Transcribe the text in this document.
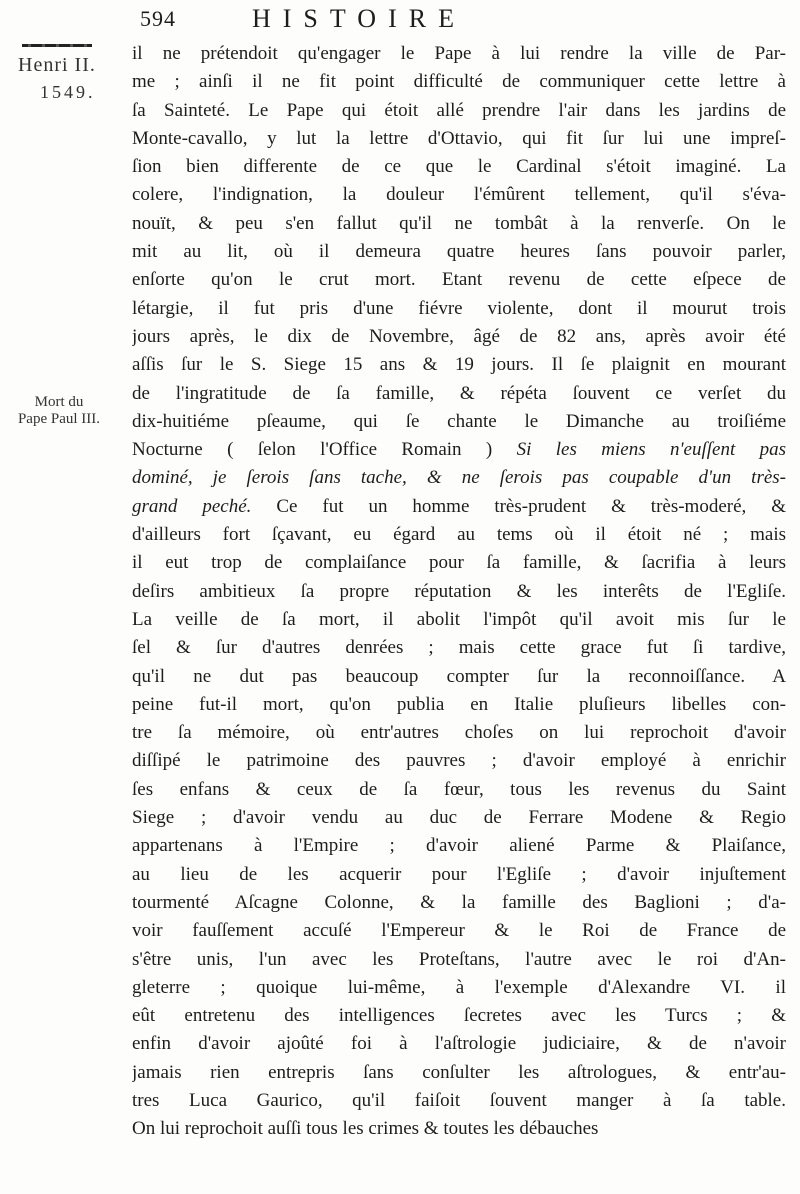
594	HISTOIRE
Henri II.
1549.
Mort du
Pape Paul III.
il ne prétendoit qu'engager le Pape à lui rendre la ville de Par-
me ; ainſi il ne fit point difficulté de communiquer cette lettre à
ſa Sainteté. Le Pape qui étoit allé prendre l'air dans les jardins de
Monte-cavallo, y lut la lettre d'Ottavio, qui fit ſur lui une impreſ-
ſion bien differente de ce que le Cardinal s'étoit imaginé. La
colere, l'indignation, la douleur l'émûrent tellement, qu'il s'éva-
nouït, & peu s'en fallut qu'il ne tombât à la renverſe. On le
mit au lit, où il demeura quatre heures ſans pouvoir parler,
enſorte qu'on le crut mort. Etant revenu de cette eſpece de
létargie, il fut pris d'une fiévre violente, dont il mourut trois
jours après, le dix de Novembre, âgé de 82 ans, après avoir été
aſſis ſur le S. Siege 15 ans & 19 jours. Il ſe plaignit en mourant
de l'ingratitude de ſa famille, & répéta ſouvent ce verſet du
dix-huitiéme pſeaume, qui ſe chante le Dimanche au troiſiéme
Nocturne ( ſelon l'Office Romain ) Si les miens n'euſſent pas
dominé, je ſerois ſans tache, & ne ſerois pas coupable d'un très-
grand peché. Ce fut un homme très-prudent & très-moderé, &
d'ailleurs fort ſçavant, eu égard au tems où il étoit né ; mais
il eut trop de complaiſance pour ſa famille, & ſacrifia à leurs
deſirs ambitieux ſa propre réputation & les interêts de l'Egliſe.
La veille de ſa mort, il abolit l'impôt qu'il avoit mis ſur le
ſel & ſur d'autres denrées ; mais cette grace fut ſi tardive,
qu'il ne dut pas beaucoup compter ſur la reconnoiſſance. A
peine fut-il mort, qu'on publia en Italie pluſieurs libelles con-
tre ſa mémoire, où entr'autres choſes on lui reprochoit d'avoir
diſſipé le patrimoine des pauvres ; d'avoir employé à enrichir
ſes enfans & ceux de ſa fœur, tous les revenus du Saint
Siege ; d'avoir vendu au duc de Ferrare Modene & Regio
appartenans à l'Empire ; d'avoir aliené Parme & Plaiſance,
au lieu de les acquerir pour l'Egliſe ; d'avoir injuſtement
tourmenté Aſcagne Colonne, & la famille des Baglioni ; d'a-
voir fauſſement accuſé l'Empereur & le Roi de France de
s'être unis, l'un avec les Proteſtans, l'autre avec le roi d'An-
gleterre ; quoique lui-même, à l'exemple d'Alexandre VI. il
eût entretenu des intelligences ſecretes avec les Turcs ; &
enfin d'avoir ajoûté foi à l'aſtrologie judiciaire, & de n'avoir
jamais rien entrepris ſans conſulter les aſtrologues, & entr'au-
tres Luca Gaurico, qu'il faiſoit ſouvent manger à ſa table.
On lui reprochoit auſſi tous les crimes & toutes les débauches
